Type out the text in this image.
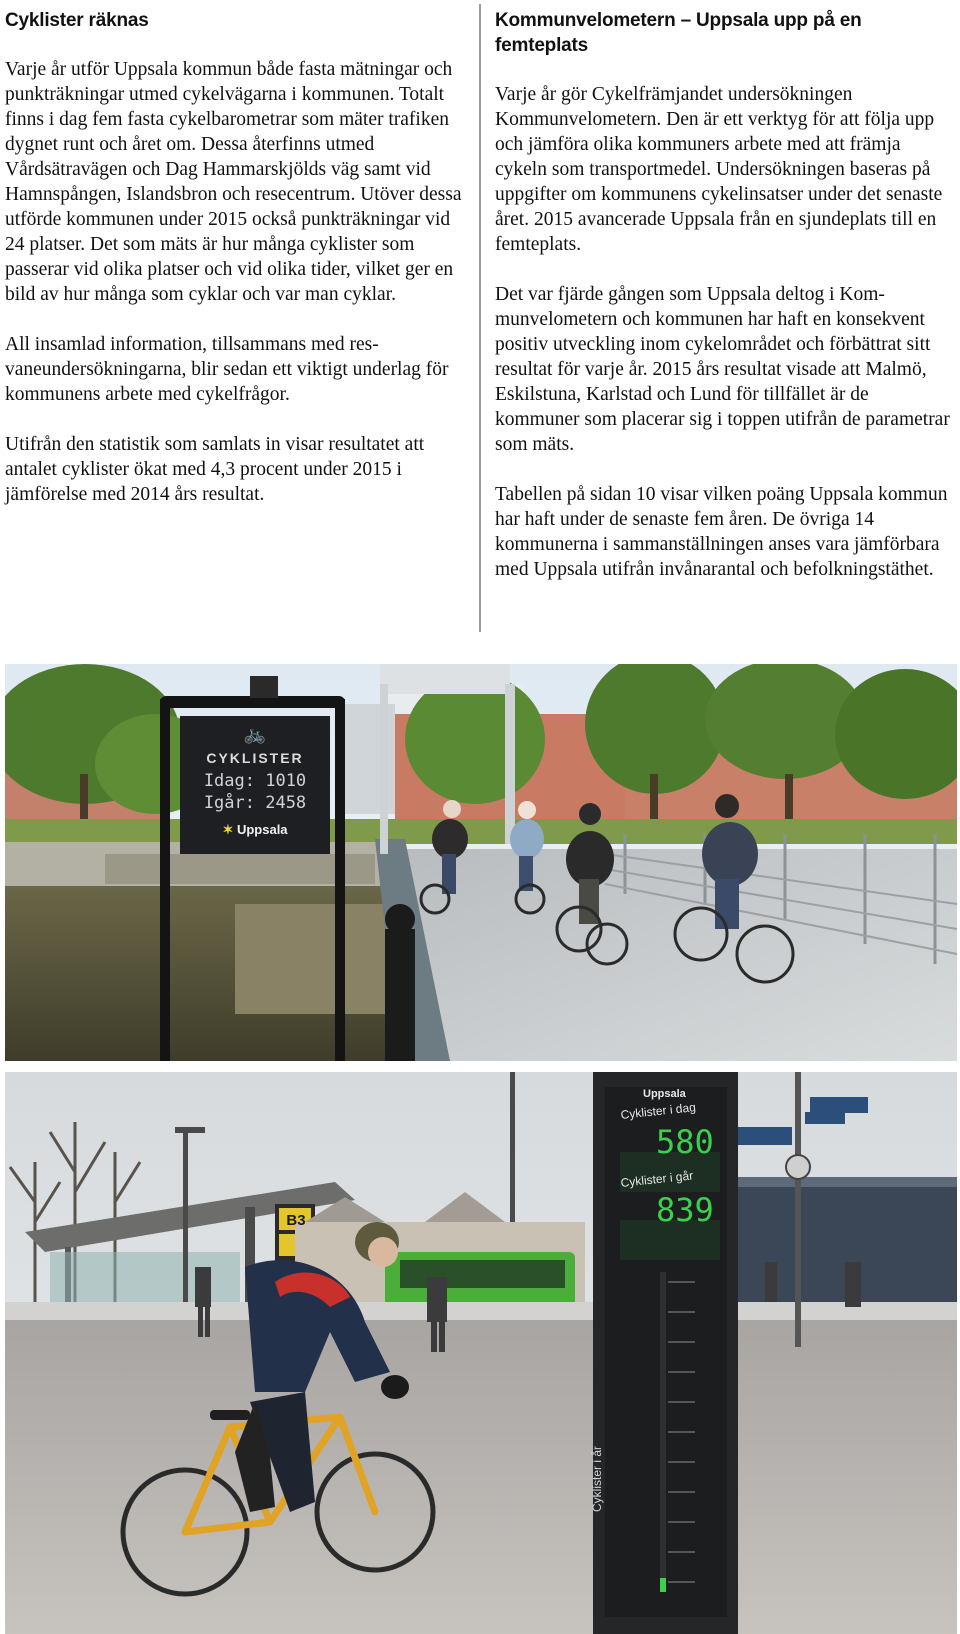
Cyklister räknas

Varje år utför Uppsala kommun både fasta mätningar och punkträkningar utmed cykelvägarna i kommunen. Totalt finns i dag fem fasta cykelbarometrar som mäter trafiken dygnet runt och året om. Dessa återfinns utmed Vårdsätravägen och Dag Hammarskjölds väg samt vid Hamnspången, Islandsbron och resecentrum. Utöver dessa utförde kommunen under 2015 också punkträkningar vid 24 platser. Det som mäts är hur många cyklister som passerar vid olika platser och vid olika tider, vilket ger en bild av hur många som cyklar och var man cyklar.

All insamlad information, tillsammans med resvaneundersökningarna, blir sedan ett viktigt underlag för kommunens arbete med cykelfrågor.

Utifrån den statistik som samlats in visar resultatet att antalet cyklister ökat med 4,3 procent under 2015 i jämförelse med 2014 års resultat.

Kommunvelometern – Uppsala upp på en femteplats

Varje år gör Cykelfrämjandet undersökningen Kommunvelometern. Den är ett verktyg för att följa upp och jämföra olika kommuners arbete med att främja cykeln som transportmedel. Undersökningen baseras på uppgifter om kommunens cykelinsatser under det senaste året. 2015 avancerade Uppsala från en sjundeplats till en femteplats.

Det var fjärde gången som Uppsala deltog i Kommunvelometern och kommunen har haft en konsekvent positiv utveckling inom cykelområdet och förbättrat sitt resultat för varje år. 2015 års resultat visade att Malmö, Eskilstuna, Karlstad och Lund för tillfället är de kommuner som placerar sig i toppen utifrån de parametrar som mäts.

Tabellen på sidan 10 visar vilken poäng Uppsala kommun har haft under de senaste fem åren. De övriga 14 kommunerna i sammanställningen anses vara jämförbara med Uppsala utifrån invånarantal och befolkningstäthet.

🚲
CYKLISTER
Idag: 1010
Igår: 2458
✶ Uppsala
Uppsala
Cyklister i dag
580
Cyklister i går
839
Cyklister i år
B3
